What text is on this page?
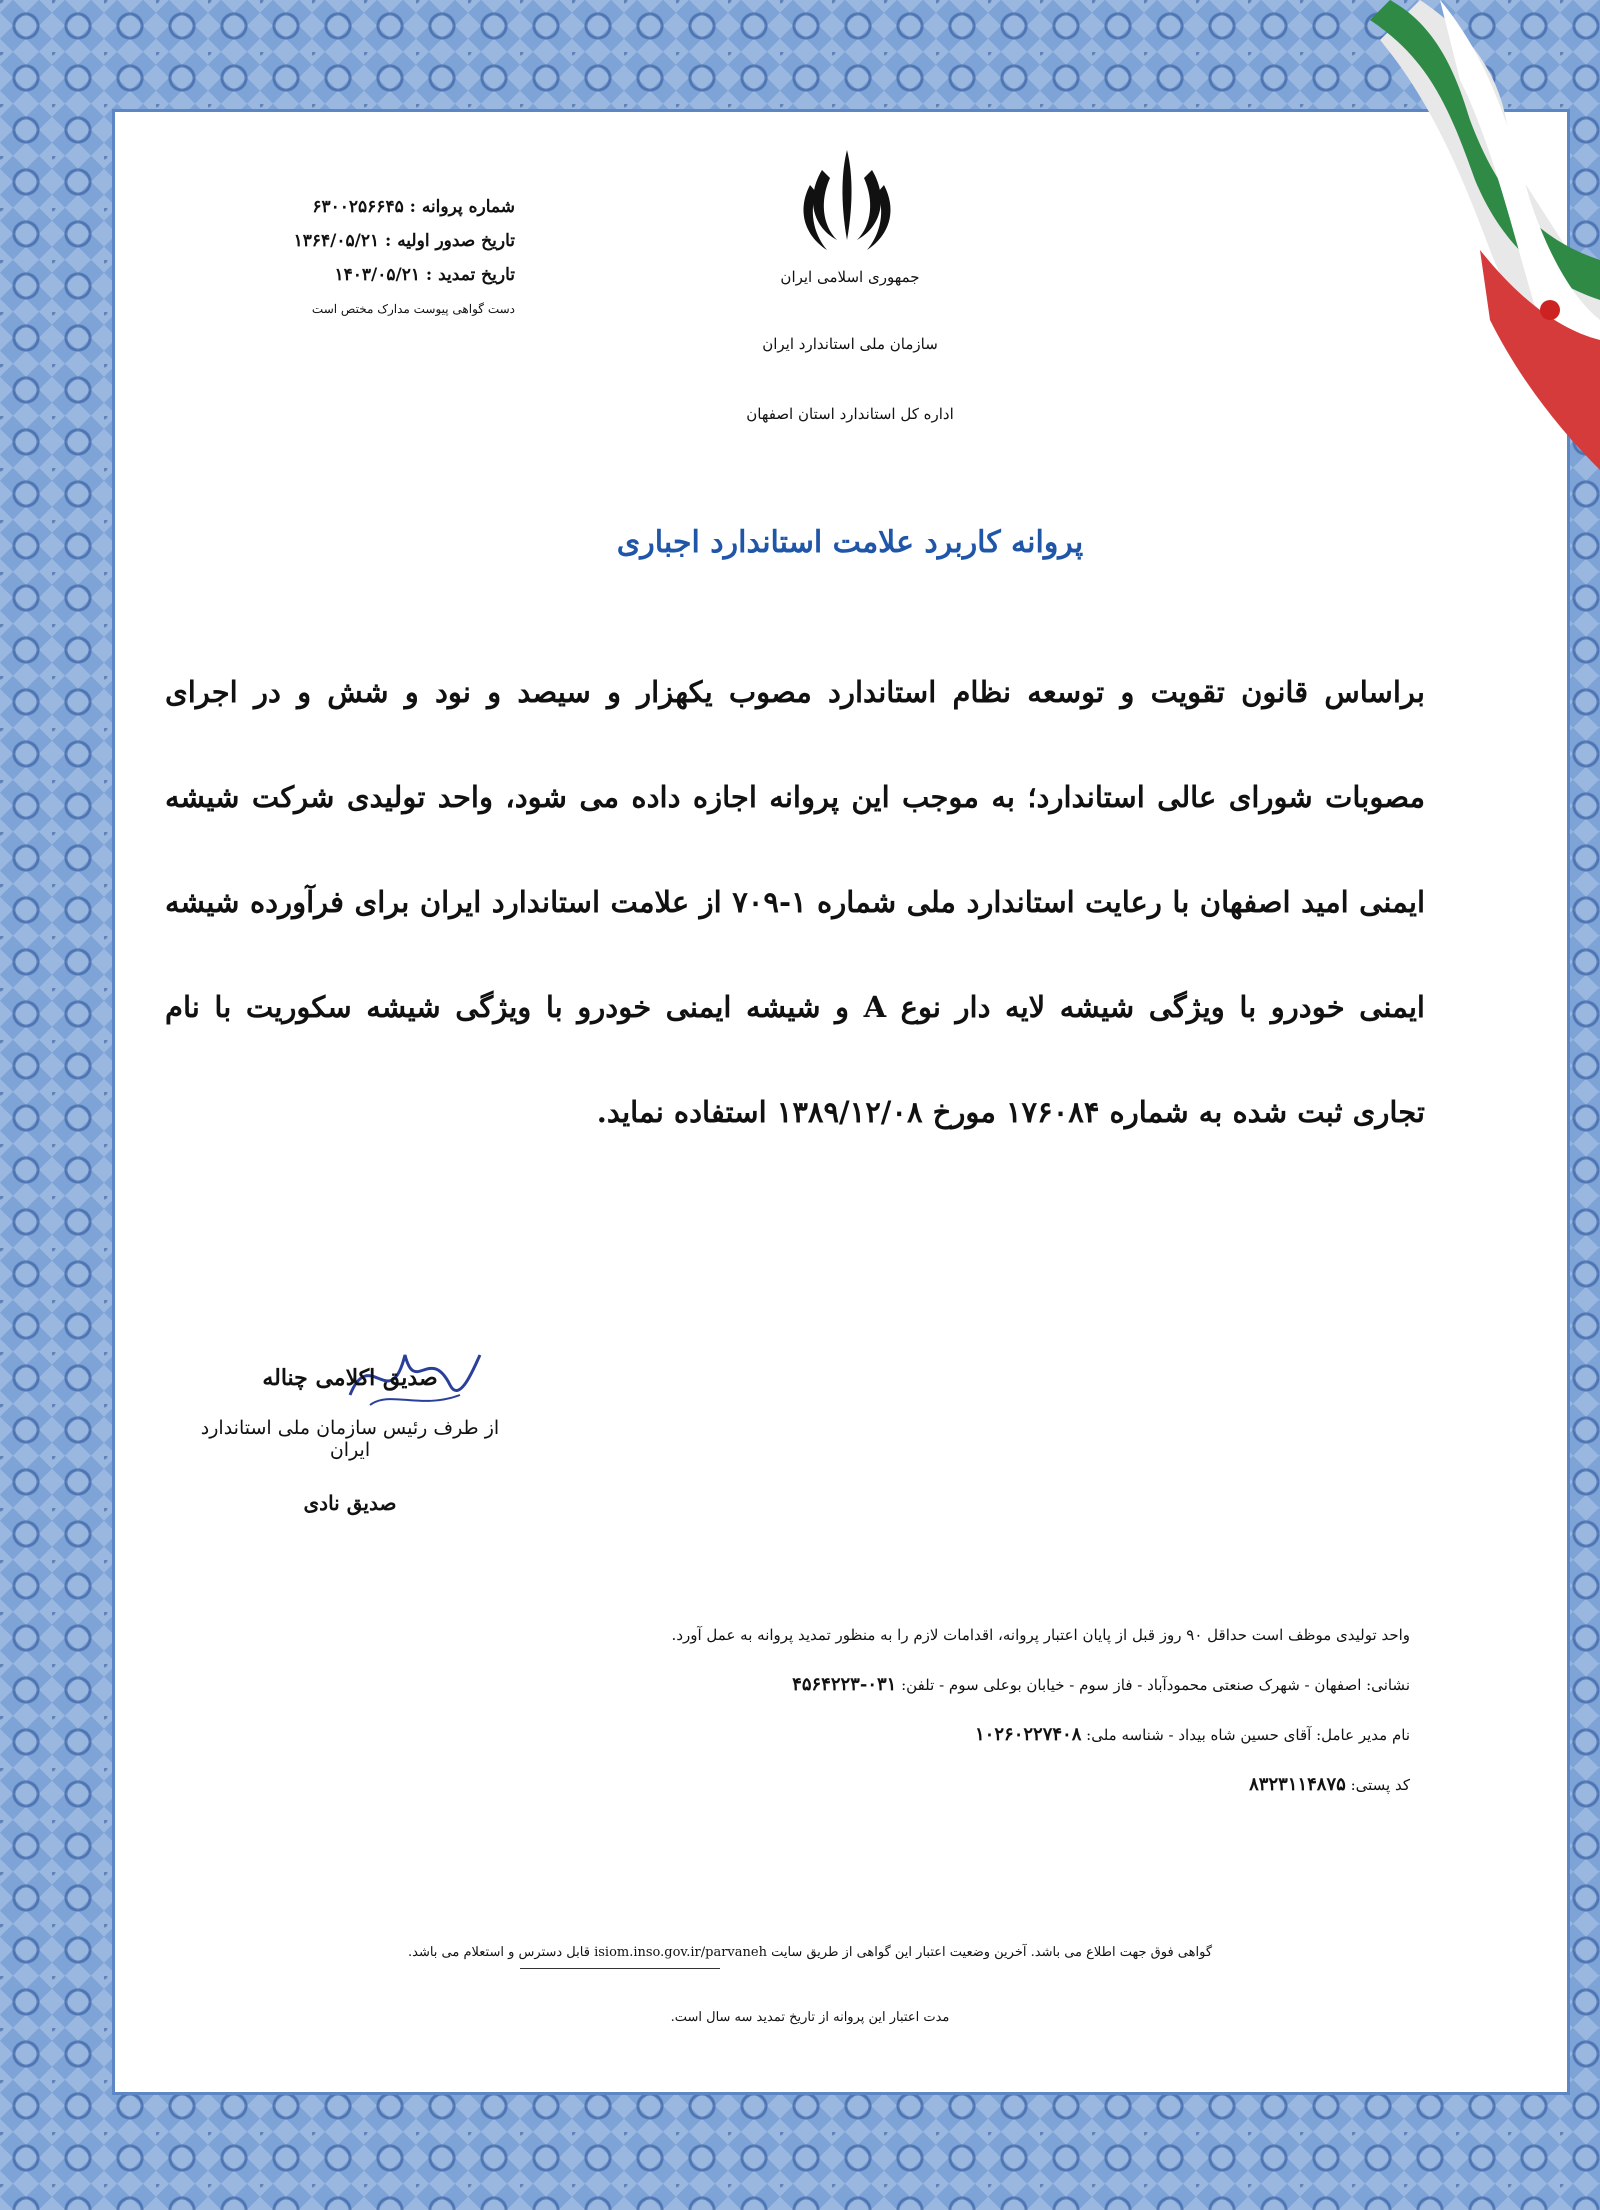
جمهوری اسلامی ایران
سازمان ملی استاندارد ایران
اداره کل استاندارد استان اصفهان
شماره پروانه : ۶۳۰۰۲۵۶۶۴۵
تاریخ صدور اولیه : ۱۳۶۴/۰۵/۲۱
تاریخ تمدید : ۱۴۰۳/۰۵/۲۱
دست گواهی پیوست مدارک مختص است
پروانه کاربرد علامت استاندارد اجباری
براساس قانون تقویت و توسعه نظام استاندارد مصوب یکهزار و سیصد و نود و شش و در اجرای مصوبات شورای عالی استاندارد؛ به موجب این پروانه اجازه داده می شود، واحد تولیدی شرکت شیشه ایمنی امید اصفهان با رعایت استاندارد ملی شماره ۱-۷۰۹ از علامت استاندارد ایران برای فرآورده شیشه ایمنی خودرو با ویژگی شیشه لایه دار نوع A و شیشه ایمنی خودرو با ویژگی شیشه سکوریت با نام تجاری ثبت شده به شماره ۱۷۶۰۸۴ مورخ ۱۳۸۹/۱۲/۰۸ استفاده نماید.
صدیق اکلامی چناله
از طرف رئیس سازمان ملی استاندارد ایران
صدیق نادی
واحد تولیدی موظف است حداقل ۹۰ روز قبل از پایان اعتبار پروانه، اقدامات لازم را به منظور تمدید پروانه به عمل آورد.
نشانی: اصفهان - شهرک صنعتی محمودآباد - فاز سوم - خیابان بوعلی سوم - تلفن: ۰۳۱-۴۵۶۴۲۲۳
نام مدیر عامل: آقای حسین شاه بیداد - شناسه ملی: ۱۰۲۶۰۲۲۷۴۰۸
کد پستی: ۸۳۲۳۱۱۴۸۷۵
گواهی فوق جهت اطلاع می باشد. آخرین وضعیت اعتبار این گواهی از طریق سایت isiom.inso.gov.ir/parvaneh قابل دسترس و استعلام می باشد.
مدت اعتبار این پروانه از تاریخ تمدید سه سال است.
